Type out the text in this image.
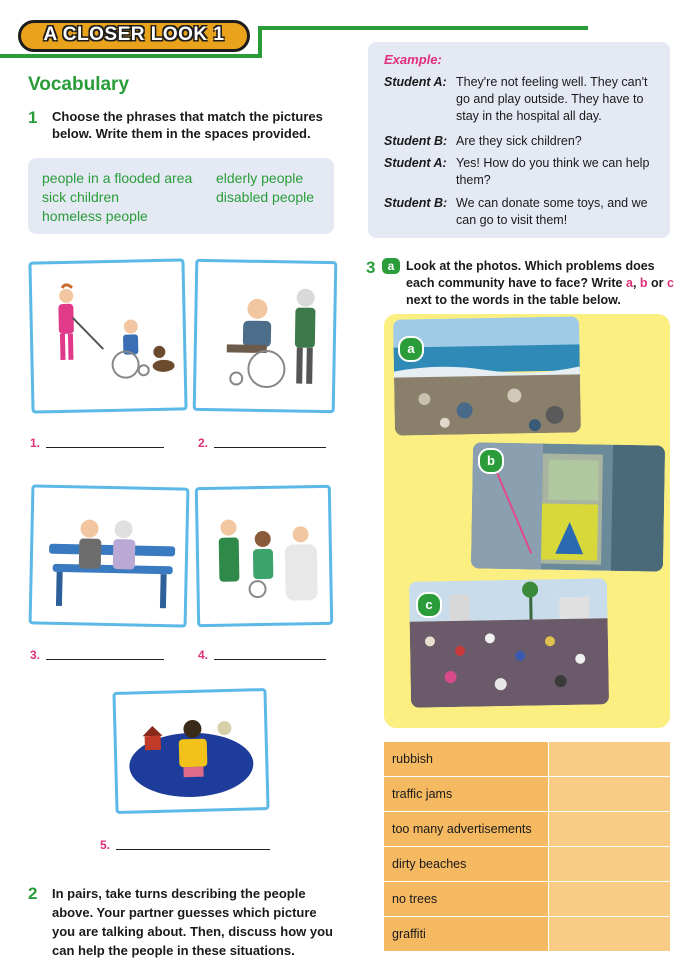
A CLOSER LOOK 1
Vocabulary
1 Choose the phrases that match the pictures below. Write them in the spaces provided.
people in a flooded area elderly people
sick children	disabled people
homeless people
1.	2.
3.	4.
5.
2 In pairs, take turns describing the people above. Your partner guesses which picture you are talking about. Then, discuss how you can help the people in these situations.
Example:
Student A: They're not feeling well. They can't go and play outside. They have to stay in the hospital all day.
Student B: Are they sick children?
Student A: Yes! How do you think we can help them?
Student B: We can donate some toys, and we can go to visit them!
3	a Look at the photos. Which problems does each community have to face? Write a, b or c next to the words in the table below.
a
b
c
rubbish
traffic jams
too many advertisements
dirty beaches
no trees
graffiti
